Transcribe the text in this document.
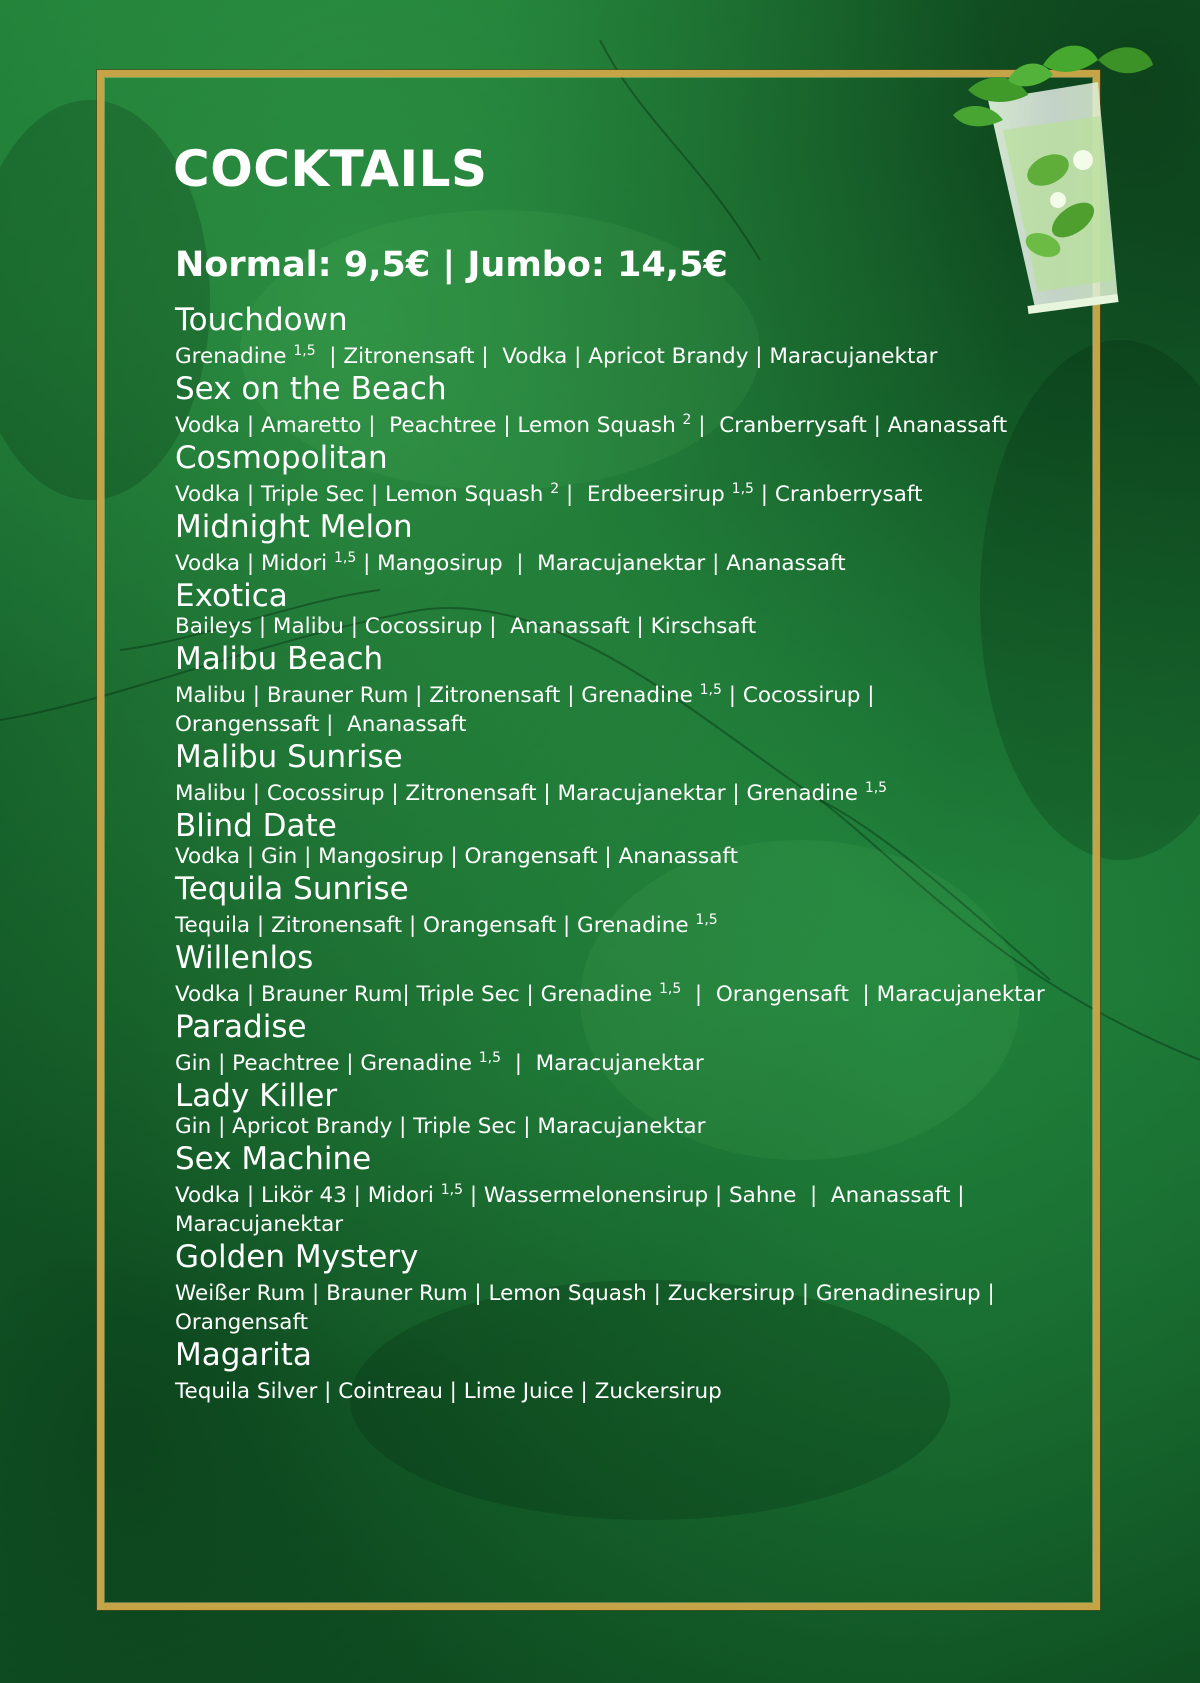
COCKTAILS
Normal: 9,5€ | Jumbo: 14,5€
Touchdown

Grenadine $^{1,5}$  | Zitronensaft |  Vodka | Apricot Brandy | Maracujanektar

Sex on the Beach

Vodka | Amaretto |  Peachtree | Lemon Squash $^2$ |  Cranberrysaft | Ananassaft

Cosmopolitan

Vodka | Triple Sec | Lemon Squash $^2$ |  Erdbeersirup $^{1,5}$ | Cranberrysaft

Midnight Melon

Vodka | Midori $^{1,5}$ | Mangosirup  |  Maracujanektar | Ananassaft

Exotica

Baileys | Malibu | Cocossirup |  Ananassaft | Kirschsaft

Malibu Beach

Malibu | Brauner Rum | Zitronensaft | Grenadine $^{1,5}$ | Cocossirup |

Orangenssaft |  Ananassaft

Malibu Sunrise

Malibu | Cocossirup | Zitronensaft | Maracujanektar | Grenadine $^{1,5}$

Blind Date

Vodka | Gin | Mangosirup | Orangensaft | Ananassaft

Tequila Sunrise

Tequila | Zitronensaft | Orangensaft | Grenadine $^{1,5}$

Willenlos

Vodka | Brauner Rum| Triple Sec | Grenadine $^{1,5}$  |  Orangensaft  | Maracujanektar

Paradise

Gin | Peachtree | Grenadine $^{1,5}$  |  Maracujanektar

Lady Killer

Gin | Apricot Brandy | Triple Sec | Maracujanektar

Sex Machine

Vodka | Likör 43 | Midori $^{1,5}$ | Wassermelonensirup | Sahne  |  Ananassaft |

Maracujanektar

Golden Mystery

Weißer Rum | Brauner Rum | Lemon Squash | Zuckersirup | Grenadinesirup |

Orangensaft

Magarita

Tequila Silver | Cointreau | Lime Juice | Zuckersirup
